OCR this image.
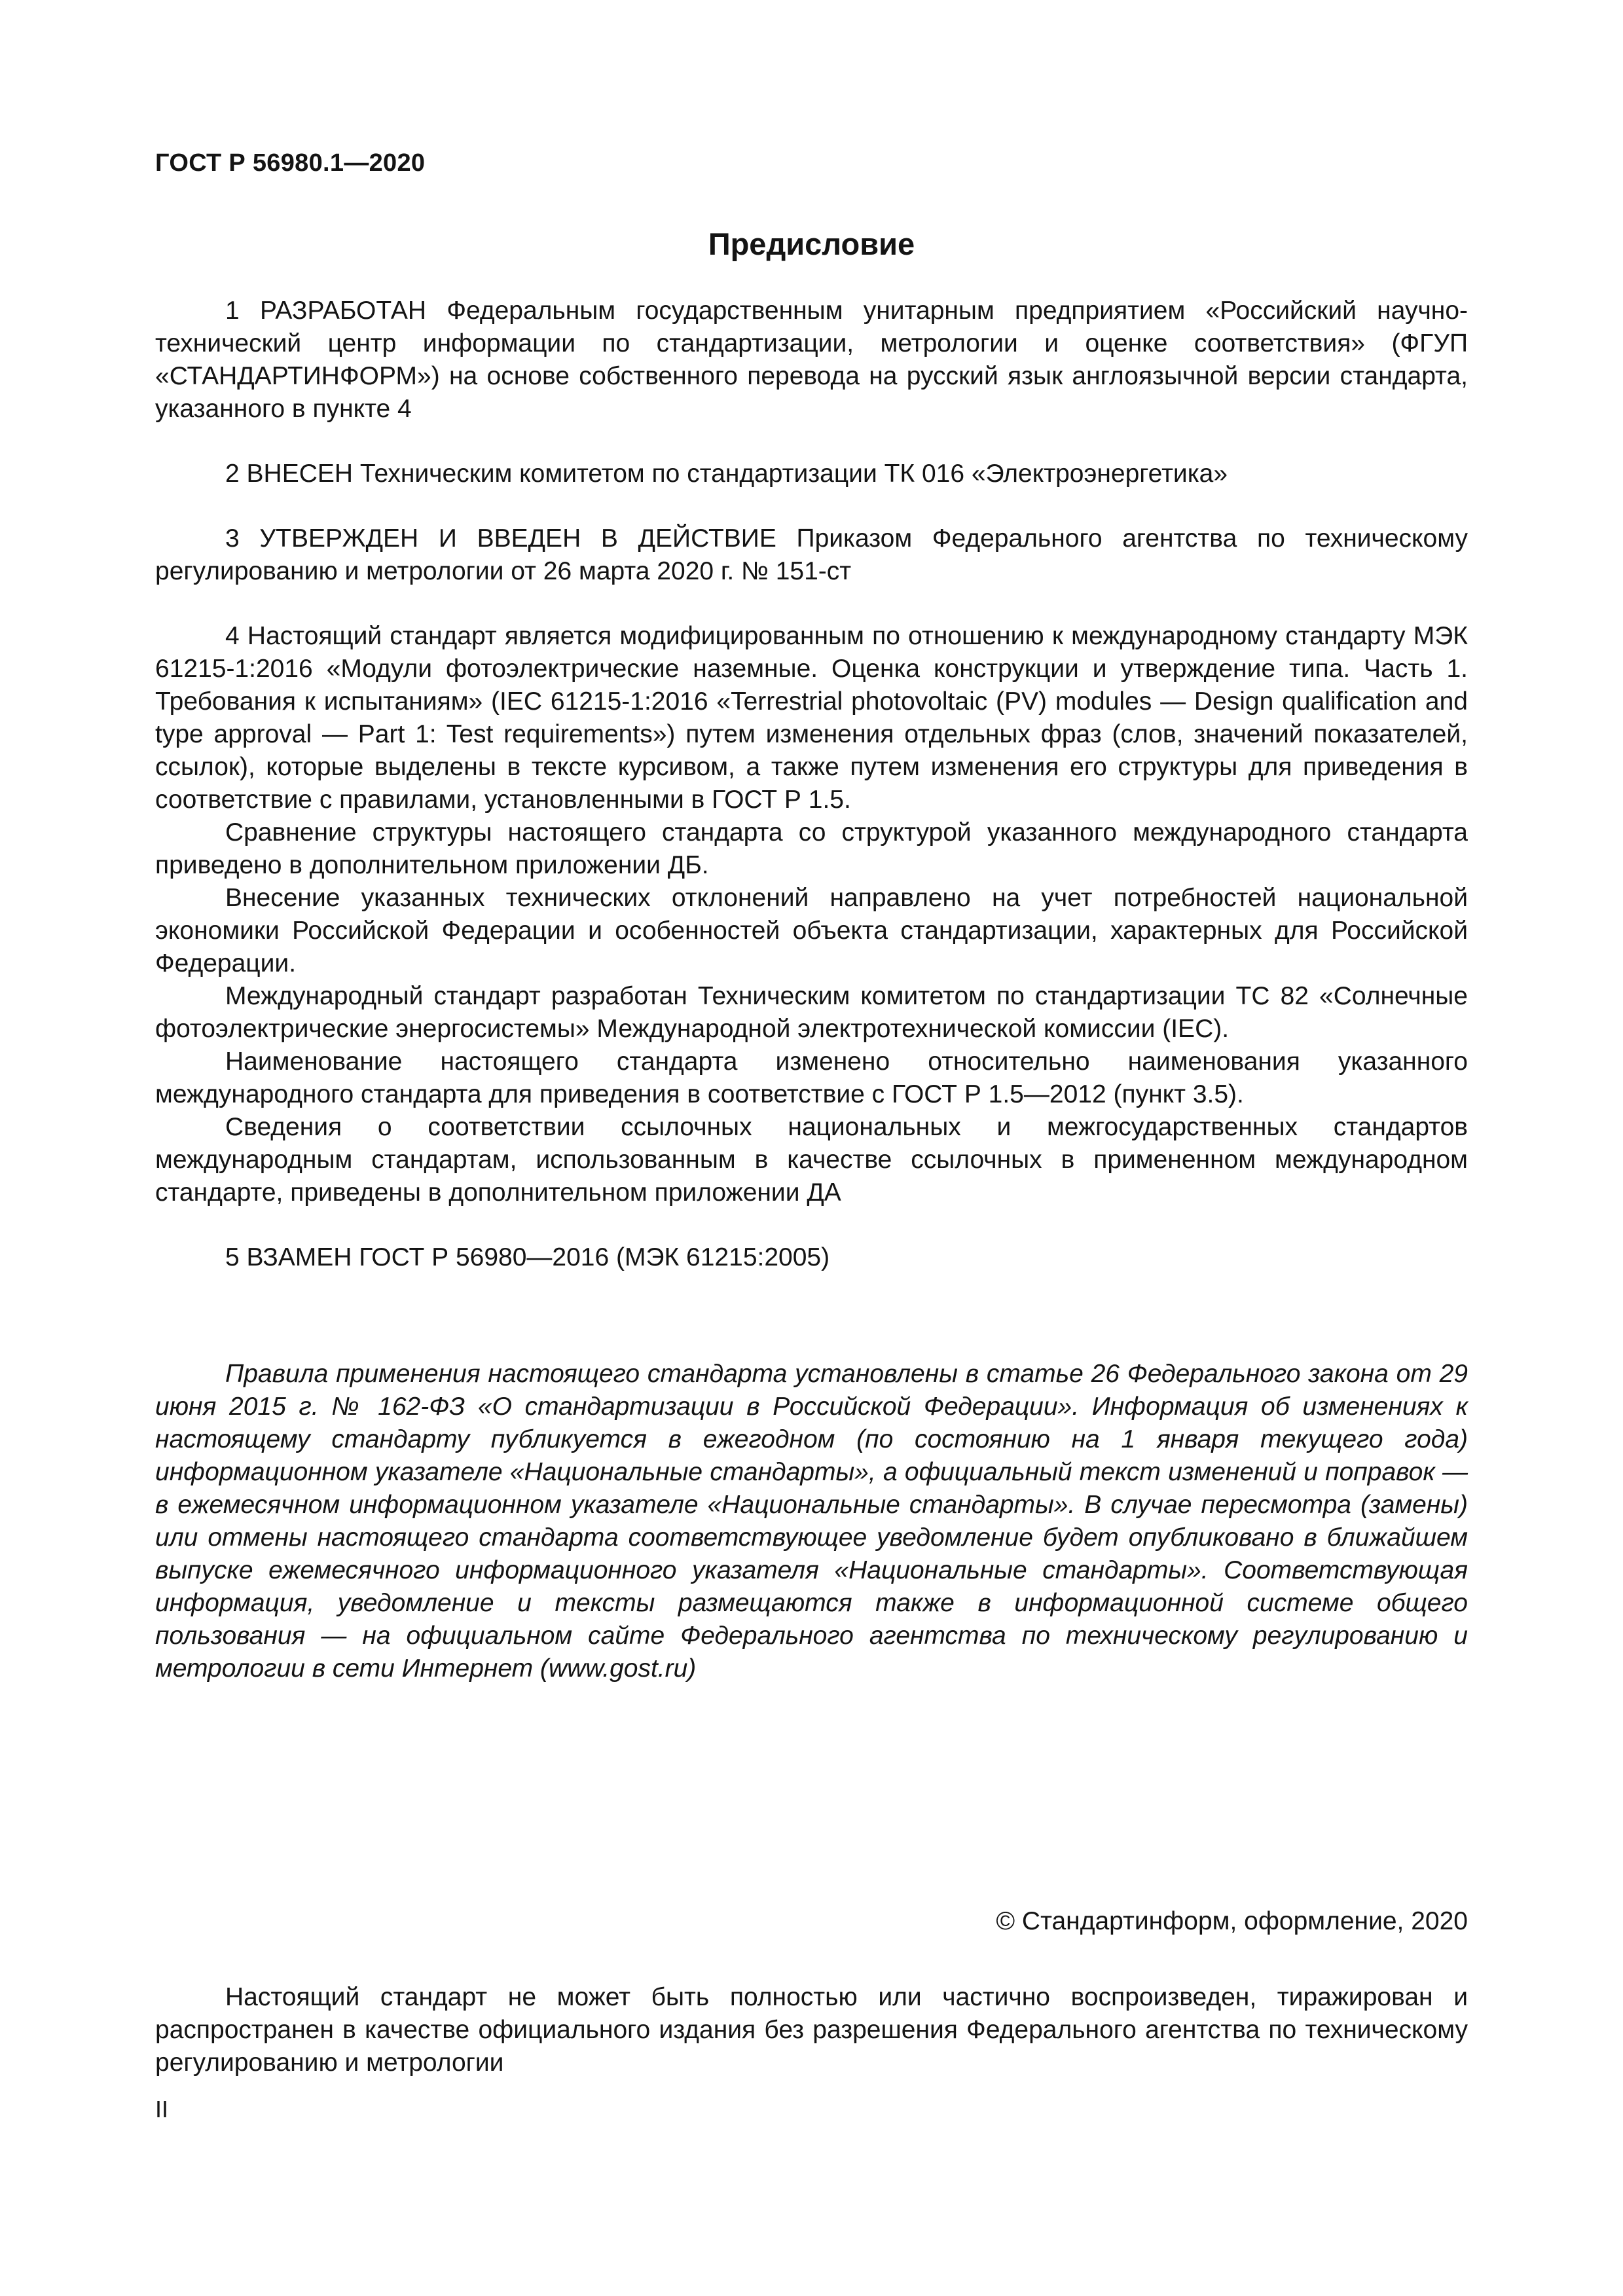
ГОСТ Р 56980.1—2020
Предисловие

1 РАЗРАБОТАН Федеральным государственным унитарным предприятием «Российский научно-технический центр информации по стандартизации, метрологии и оценке соответствия» (ФГУП «СТАНДАРТИНФОРМ») на основе собственного перевода на русский язык англоязычной версии стандарта, указанного в пункте 4

2 ВНЕСЕН Техническим комитетом по стандартизации ТК 016 «Электроэнергетика»

3 УТВЕРЖДЕН И ВВЕДЕН В ДЕЙСТВИЕ Приказом Федерального агентства по техническому регулированию и метрологии от 26 марта 2020 г. № 151-ст

4 Настоящий стандарт является модифицированным по отношению к международному стандарту МЭК 61215-1:2016 «Модули фотоэлектрические наземные. Оценка конструкции и утверждение типа. Часть 1. Требования к испытаниям» (IEC 61215-1:2016 «Terrestrial photovoltaic (PV) modules — Design qualification and type approval — Part 1: Test requirements») путем изменения отдельных фраз (слов, значений показателей, ссылок), которые выделены в тексте курсивом, а также путем изменения его структуры для приведения в соответствие с правилами, установленными в ГОСТ Р 1.5.

Сравнение структуры настоящего стандарта со структурой указанного международного стандарта приведено в дополнительном приложении ДБ.

Внесение указанных технических отклонений направлено на учет потребностей национальной экономики Российской Федерации и особенностей объекта стандартизации, характерных для Российской Федерации.

Международный стандарт разработан Техническим комитетом по стандартизации ТС 82 «Солнечные фотоэлектрические энергосистемы» Международной электротехнической комиссии (IEC).

Наименование настоящего стандарта изменено относительно наименования указанного международного стандарта для приведения в соответствие с ГОСТ Р 1.5—2012 (пункт 3.5).

Сведения о соответствии ссылочных национальных и межгосударственных стандартов международным стандартам, использованным в качестве ссылочных в примененном международном стандарте, приведены в дополнительном приложении ДА

5 ВЗАМЕН ГОСТ Р 56980—2016 (МЭК 61215:2005)

Правила применения настоящего стандарта установлены в статье 26 Федерального закона от 29 июня 2015 г. № 162-ФЗ «О стандартизации в Российской Федерации». Информация об изменениях к настоящему стандарту публикуется в ежегодном (по состоянию на 1 января текущего года) информационном указателе «Национальные стандарты», а официальный текст изменений и поправок — в ежемесячном информационном указателе «Национальные стандарты». В случае пересмотра (замены) или отмены настоящего стандарта соответствующее уведомление будет опубликовано в ближайшем выпуске ежемесячного информационного указателя «Национальные стандарты». Соответствующая информация, уведомление и тексты размещаются также в информационной системе общего пользования — на официальном сайте Федерального агентства по техническому регулированию и метрологии в сети Интернет (www.gost.ru)

© Стандартинформ, оформление, 2020

Настоящий стандарт не может быть полностью или частично воспроизведен, тиражирован и распространен в качестве официального издания без разрешения Федерального агентства по техническому регулированию и метрологии

II
